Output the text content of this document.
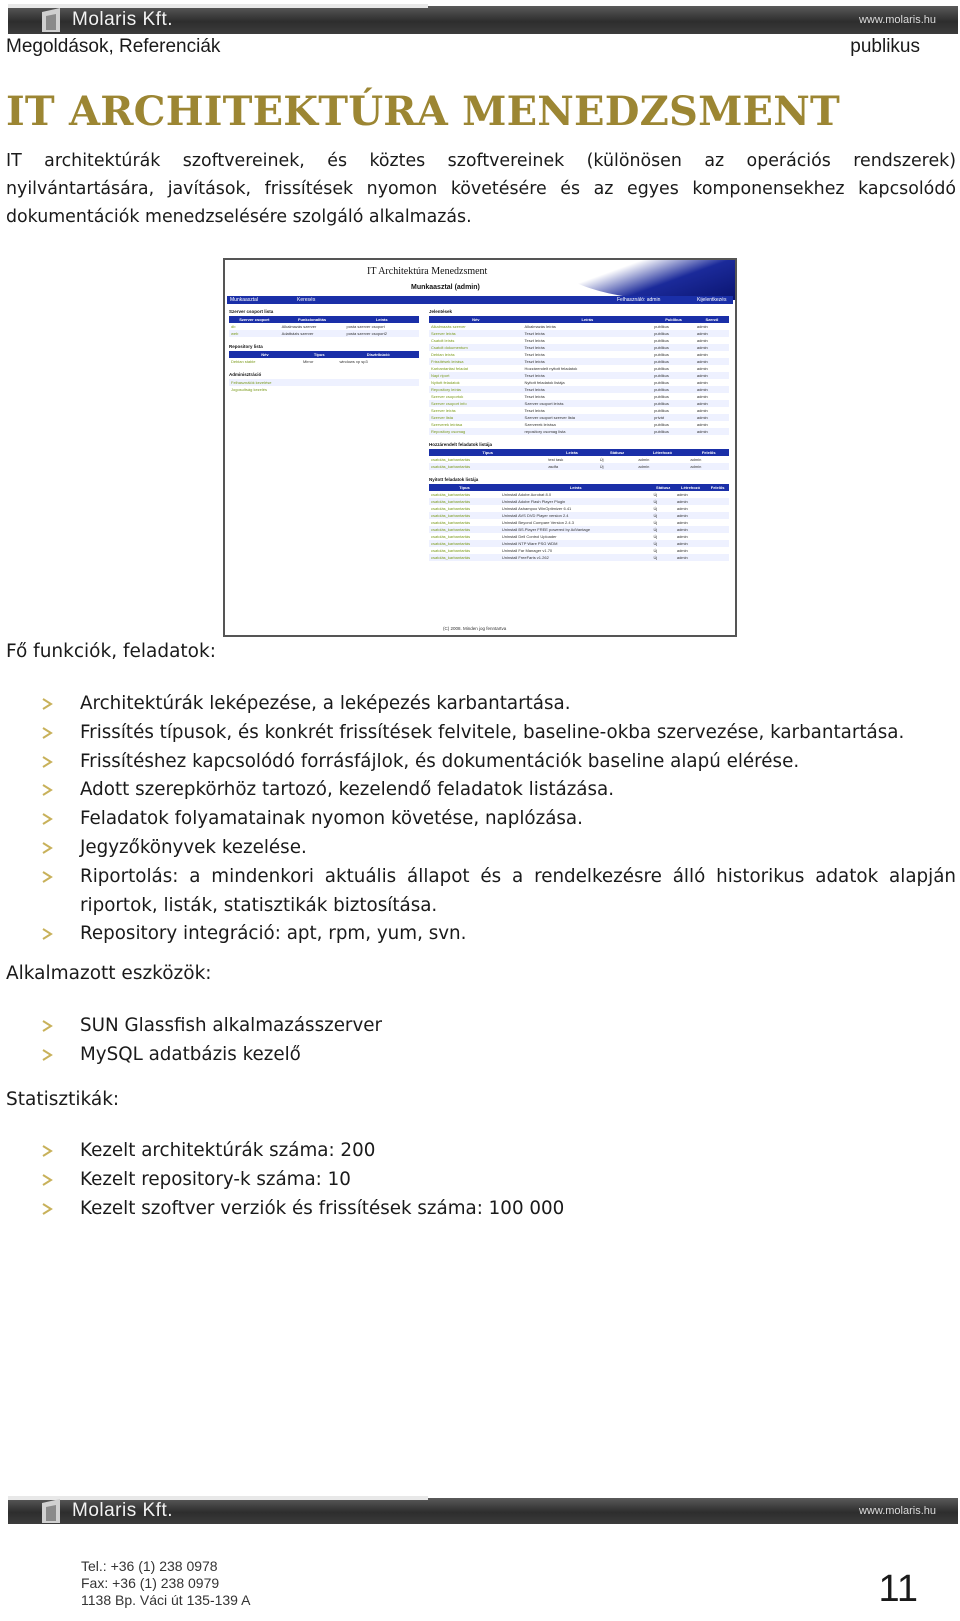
Molaris Kft.	www.molaris.hu
Megoldások, Referenciák	publikus
IT ARCHITEKTÚRA MENEDZSMENT

IT architektúrák szoftvereinek, és köztes szoftvereinek (különösen az operációs rendszerek) nyilvántartására, javítások, frissítések nyomon követésére és az egyes komponensekhez kapcsolódó dokumentációk menedzselésére szolgáló alkalmazás.

IT Architektúra Menedzsment
Munkaasztal (admin)
Munkaasztal	Keresés	Felhasználó: admin	Kijelentkezés
Szerver csoport lista
Szerver csoport	Funkcionalitás	Leírás
db	Alkalmazás szerver	posta szerver csoport
web	Adatbázis szerver	posta szerver csoport2
Repository lista
Név	Típus	Disztribúció
Debian stable	Mirror	windows xp sp3
Adminisztráció
Felhasználók kezelése
Jogosultság kezelés
Jelentések
Név	Leírás	Publikus	Szerző
Alkalmazás szerver	Alkalmazás leírás	publikus	admin
Szerver leírás	Teszt leírás	publikus	admin
Csatolt leírás	Teszt leírás	publikus	admin
Csatolt dokumentum	Teszt leírás	publikus	admin
Debian leírás	Teszt leírás	publikus	admin
Frissítések leírása	Teszt leírás	publikus	admin
Karbantartási feladat	Hozzárendelt nyitott feladatok	publikus	admin
Napi riport	Teszt leírás	publikus	admin
Nyitott feladatok	Nyitott feladatok listája	publikus	admin
Repository leírás	Teszt leírás	publikus	admin
Szerver csoportok	Teszt leírás	publikus	admin
Szerver csoport info	Szerver csoport leírás	publikus	admin
Szerver leírás	Teszt leírás	publikus	admin
Szerver lista	Szerver csoport szerver lista	privát	admin
Szerverek leírása	Szerverek leírása	publikus	admin
Repository csomag	repository csomag lista	publikus	admin
Hozzárendelt feladatok listája
Típus	Leírás	Státusz	Létrehozó	Felelős
csatolás_karbantartás	test task	Új	admin	admin
csatolás_karbantartás	asdfa	Új	admin	admin
Nyitott feladatok listája
Típus	Leírás	Státusz	Létrehozó	Felelős
csatolás_karbantartás	Uninstall Adobe Acrobat 8.0	Új	admin	
csatolás_karbantartás	Uninstall Adobe Flash Player Plugin	Új	admin	
csatolás_karbantartás	Uninstall Ashampoo WinOptimizer 6.41	Új	admin	
csatolás_karbantartás	Uninstall AVS DVD Player version 2.4	Új	admin	
csatolás_karbantartás	Uninstall Beyond Compare Version 2.4.3	Új	admin	
csatolás_karbantartás	Uninstall BS.Player FREE powered by AdVantage	Új	admin	
csatolás_karbantartás	Uninstall Dell Control Uploader	Új	admin	
csatolás_karbantartás	Uninstall NTP Ware PSG WDM	Új	admin	
csatolás_karbantartás	Uninstall Far Manager v1.70	Új	admin	
csatolás_karbantartás	Uninstall FreeFarts v1.262	Új	admin	
(C) 2008. Minden jog fenntartva
Fő funkciók, feladatok:
Architektúrák leképezése, a leképezés karbantartása.
Frissítés típusok, és konkrét frissítések felvitele, baseline-okba szervezése, karbantartása.
Frissítéshez kapcsolódó forrásfájlok, és dokumentációk baseline alapú elérése.
Adott szerepkörhöz tartozó, kezelendő feladatok listázása.
Feladatok folyamatainak nyomon követése, naplózása.
Jegyzőkönyvek kezelése.
Riportolás: a mindenkori aktuális állapot és a rendelkezésre álló historikus adatok alapján riportok, listák, statisztikák biztosítása.
Repository integráció: apt, rpm, yum, svn.
Alkalmazott eszközök:
SUN Glassfish alkalmazásszerver
MySQL adatbázis kezelő
Statisztikák:
Kezelt architektúrák száma: 200
Kezelt repository-k száma: 10
Kezelt szoftver verziók és frissítések száma: 100 000
Molaris Kft.	www.molaris.hu
Tel.: +36 (1) 238 0978
Fax: +36 (1) 238 0979
1138 Bp. Váci út 135-139 A	11
